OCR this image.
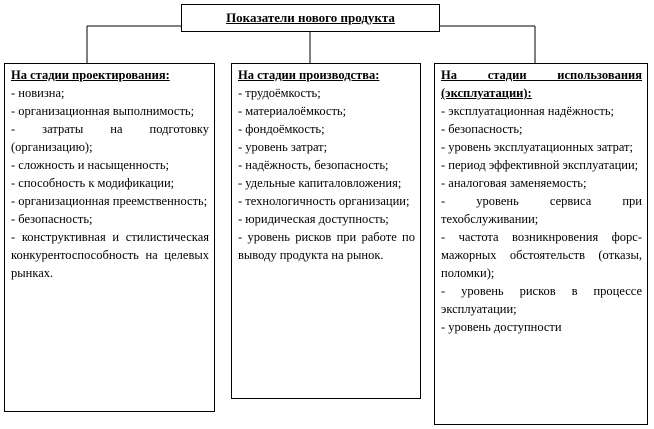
Показатели нового продукта
На стадии проектирования:
- новизна;
- организационная выполнимость;
- затраты на подготовку (организацию);
- сложность и насыщенность;
- способность к модификации;
- организационная преемственность;
- безопасность;
- конструктивная и стилистическая конкурентоспособность на целевых рынках.
На стадии производства:
- трудоёмкость;
- материалоёмкость;
- фондоёмкость;
- уровень затрат;
- надёжность, безопасность;
- удельные капиталовложения;
- технологичность организации;
- юридическая доступность;
- уровень рисков при работе по выводу продукта на рынок.
На стадии использования (эксплуатации):
- эксплуатационная надёжность;
- безопасность;
- уровень эксплуатационных затрат;
- период эффективной эксплуатации;
- аналоговая заменяемость;
- уровень сервиса при техобслуживании;
- частота возникнровения форс-мажорных обстоятельств (отказы, поломки);
- уровень рисков в процессе эксплуатации;
- уровень доступности
